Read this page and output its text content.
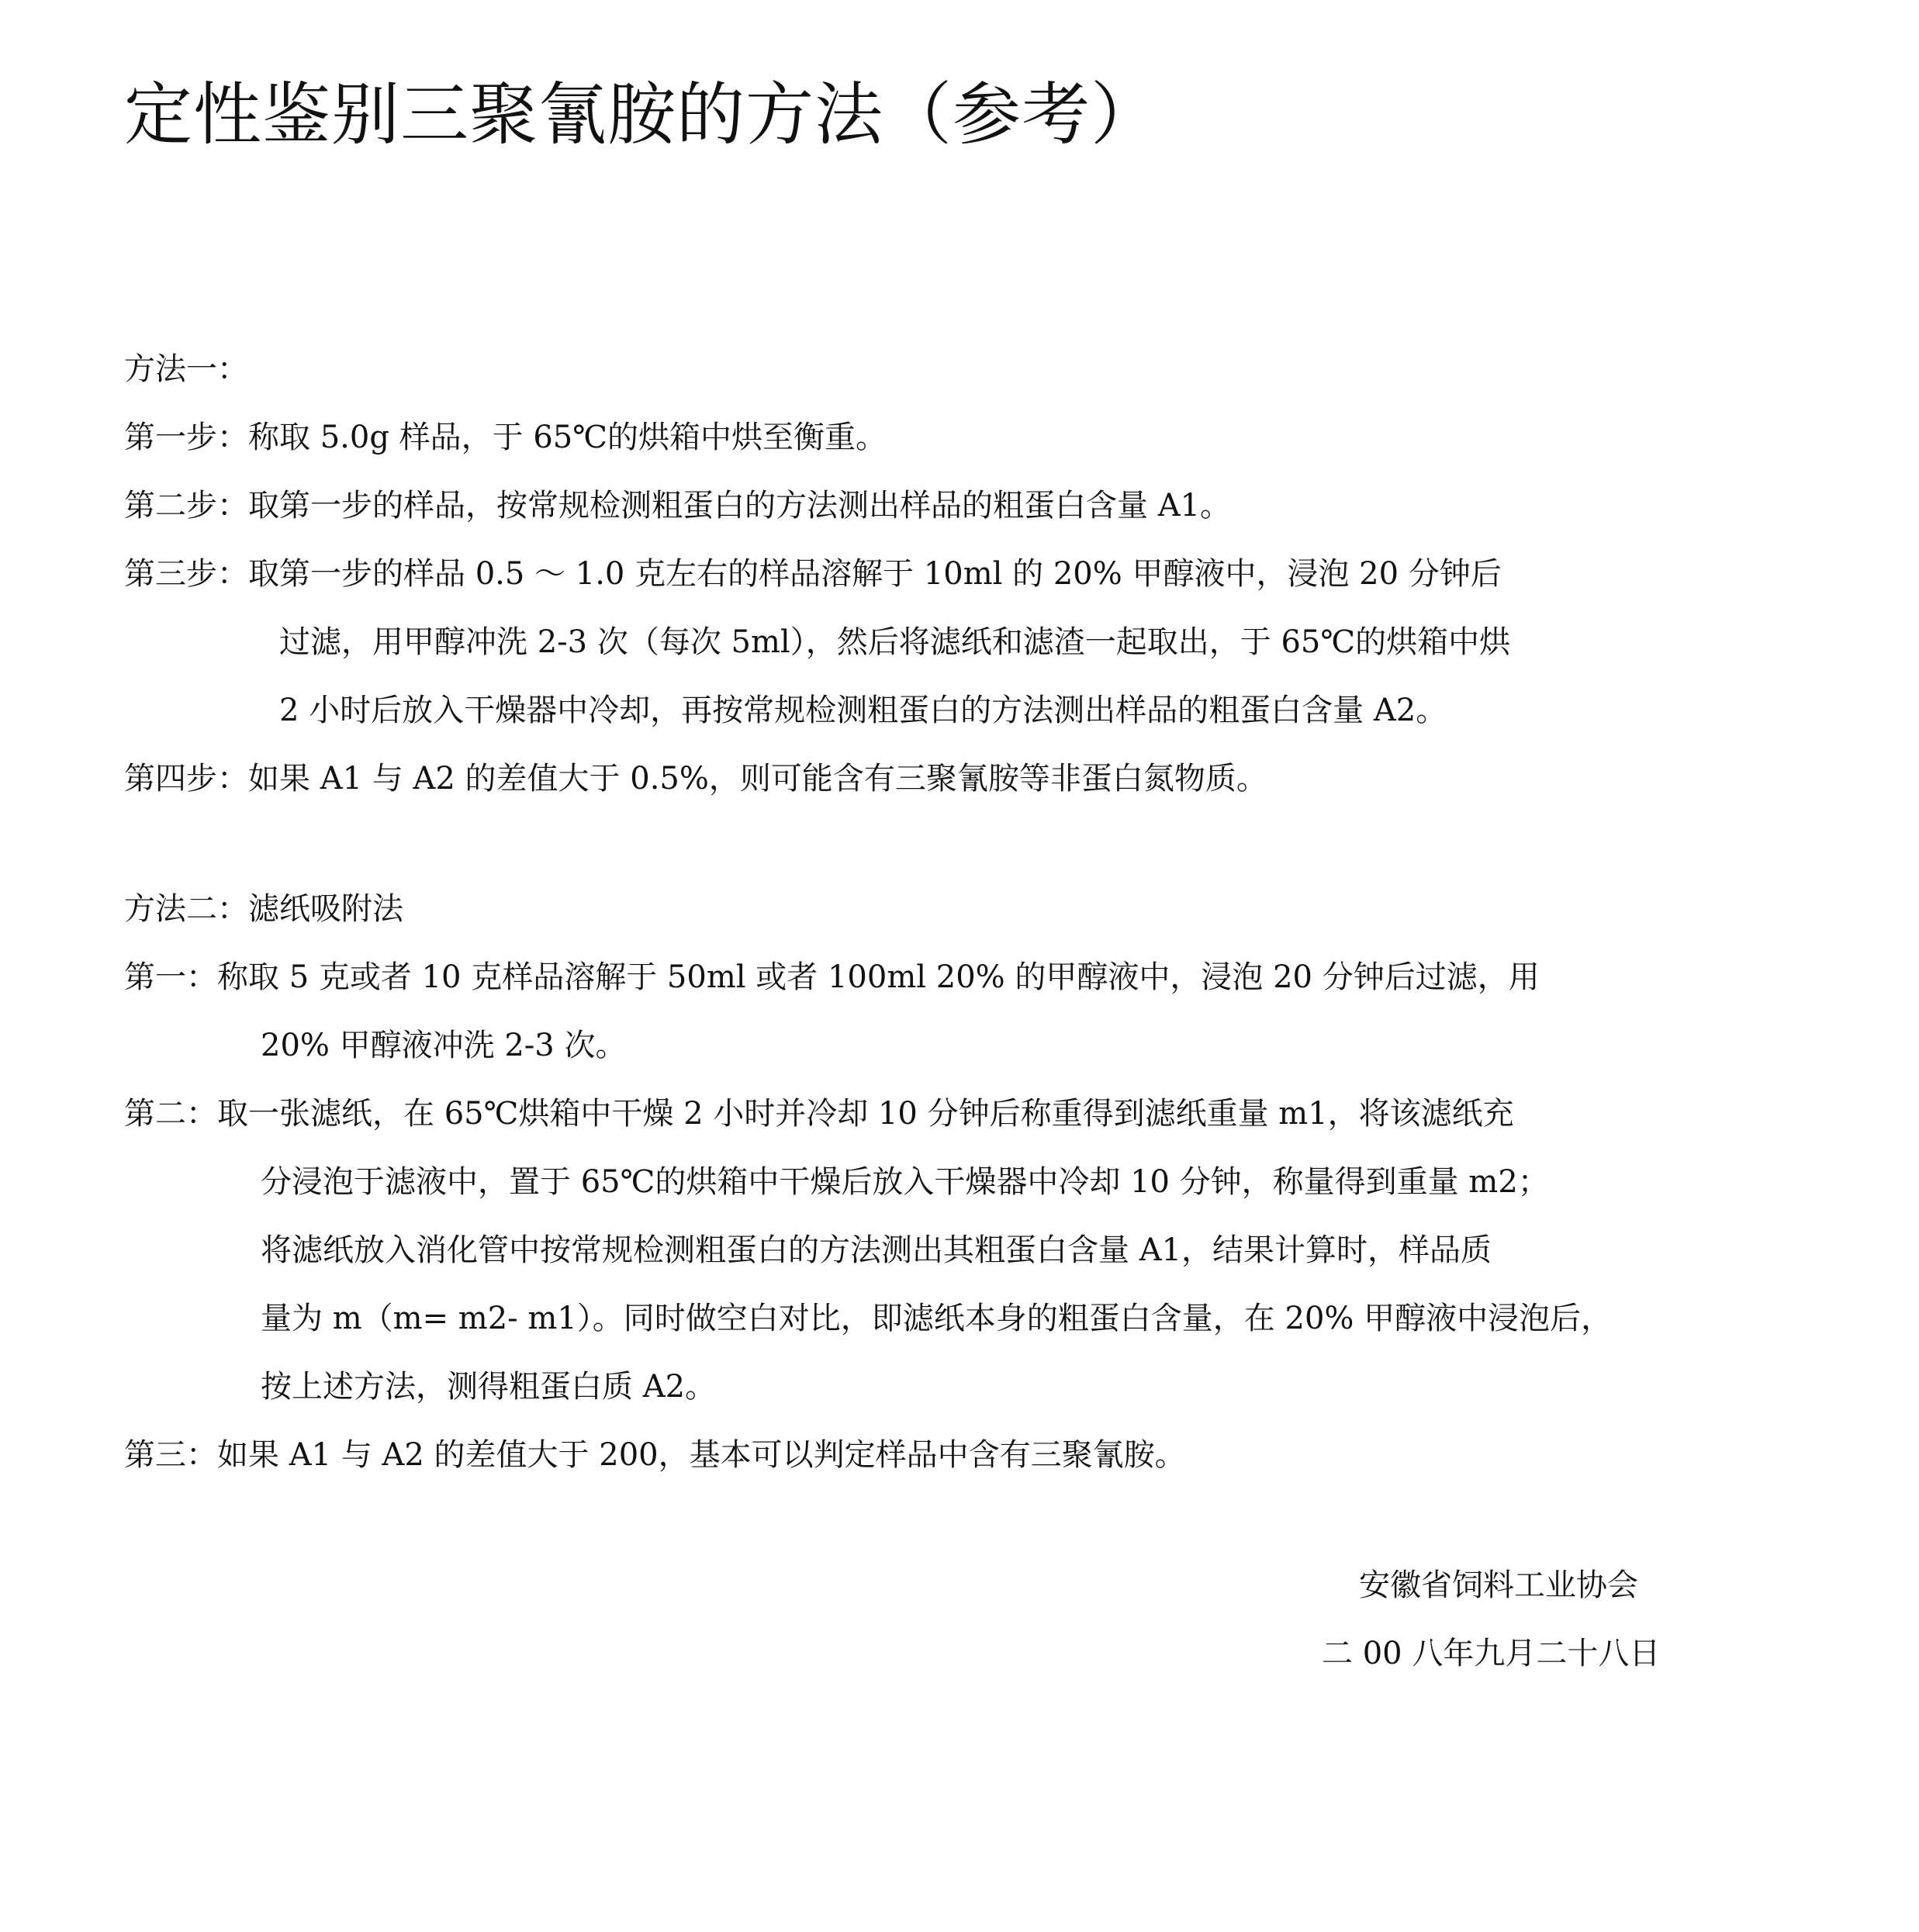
定性鉴别三聚氰胺的方法（参考）
方法一：
第一步：称取 5.0g 样品，于 65℃的烘箱中烘至衡重。
第二步：取第一步的样品，按常规检测粗蛋白的方法测出样品的粗蛋白含量 A1。
第三步：取第一步的样品 0.5 ～ 1.0 克左右的样品溶解于 10ml 的 20% 甲醇液中，浸泡 20 分钟后
过滤，用甲醇冲洗 2-3 次（每次 5ml），然后将滤纸和滤渣一起取出，于 65℃的烘箱中烘
2 小时后放入干燥器中冷却，再按常规检测粗蛋白的方法测出样品的粗蛋白含量 A2。
第四步：如果 A1 与 A2 的差值大于 0.5%，则可能含有三聚氰胺等非蛋白氮物质。
方法二：滤纸吸附法
第一：称取 5 克或者 10 克样品溶解于 50ml 或者 100ml 20% 的甲醇液中，浸泡 20 分钟后过滤，用
20% 甲醇液冲洗 2-3 次。
第二：取一张滤纸，在 65℃烘箱中干燥 2 小时并冷却 10 分钟后称重得到滤纸重量 m1，将该滤纸充
分浸泡于滤液中，置于 65℃的烘箱中干燥后放入干燥器中冷却 10 分钟，称量得到重量 m2；
将滤纸放入消化管中按常规检测粗蛋白的方法测出其粗蛋白含量 A1，结果计算时，样品质
量为 m（m= m2- m1）。同时做空白对比，即滤纸本身的粗蛋白含量，在 20% 甲醇液中浸泡后，
按上述方法，测得粗蛋白质 A2。
第三：如果 A1 与 A2 的差值大于 200，基本可以判定样品中含有三聚氰胺。
安徽省饲料工业协会
二 00 八年九月二十八日
